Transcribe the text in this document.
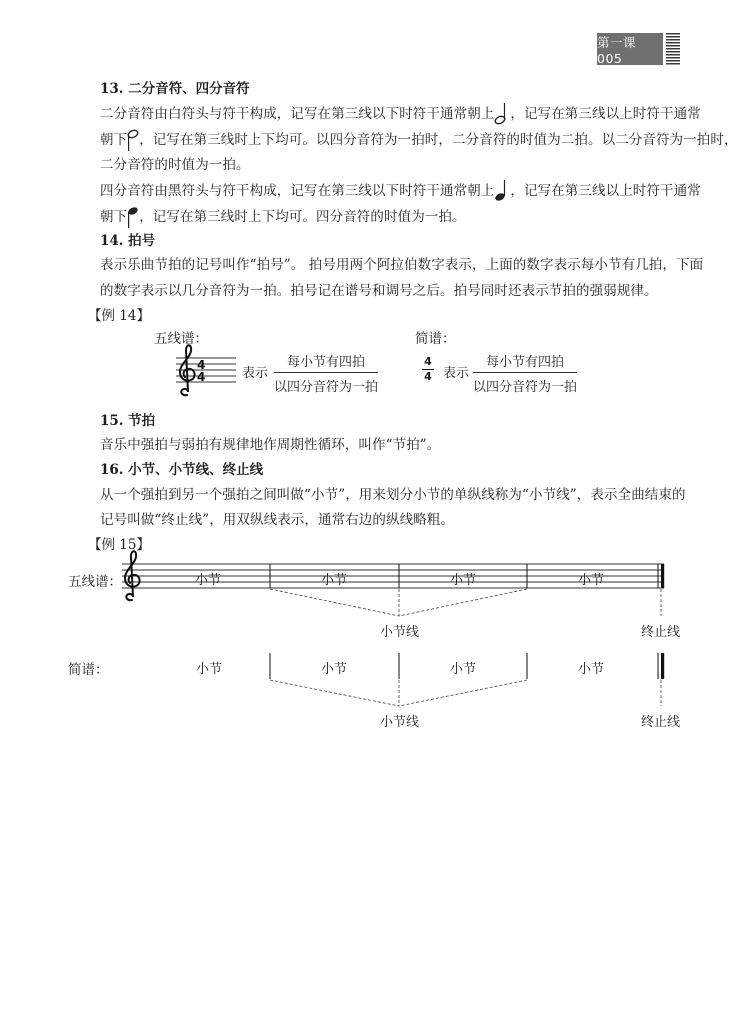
第一课 005
13. 二分音符、四分音符
二分音符由白符头与符干构成，记写在第三线以下时符干通常朝上 ，记写在第三线以上时符干通常
朝下 ，记写在第三线时上下均可。以四分音符为一拍时，二分音符的时值为二拍。以二分音符为一拍时，
二分音符的时值为一拍。
四分音符由黑符头与符干构成，记写在第三线以下时符干通常朝上 ，记写在第三线以上时符干通常
朝下 ，记写在第三线时上下均可。四分音符的时值为一拍。
14. 拍号
表示乐曲节拍的记号叫作“拍号”。 拍号用两个阿拉伯数字表示，上面的数字表示每小节有几拍，下面
的数字表示以几分音符为一拍。拍号记在谱号和调号之后。拍号同时还表示节拍的强弱规律。
【例 14】
五线谱：	简谱：
4
4	表示
每小节有四拍
以四分音符为一拍
4
4 表示
每小节有四拍
以四分音符为一拍
15. 节拍
音乐中强拍与弱拍有规律地作周期性循环，叫作“节拍”。
16. 小节、小节线、终止线
从一个强拍到另一个强拍之间叫做“小节”，用来划分小节的单纵线称为“小节线”，表示全曲结束的
记号叫做“终止线”，用双纵线表示，通常右边的纵线略粗。
【例 15】
五线谱：	小节	小节	小节	小节
小节线	终止线
简谱：	小节	小节	小节	小节
小节线	终止线
